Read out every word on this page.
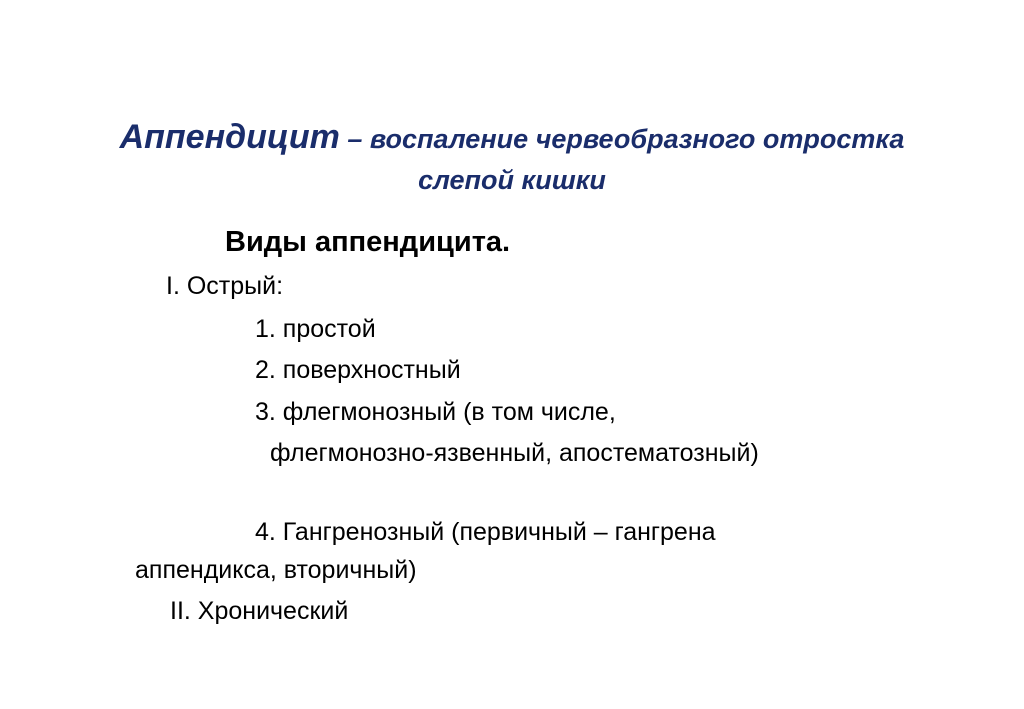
Аппендицит – воспаление червеобразного отростка
слепой кишки
Виды аппендицита.
I. Острый:
1. простой
2. поверхностный
3. флегмонозный (в том числе,
флегмонозно-язвенный, апостематозный)
4. Гангренозный (первичный – гангрена
аппендикса, вторичный)
II. Хронический
